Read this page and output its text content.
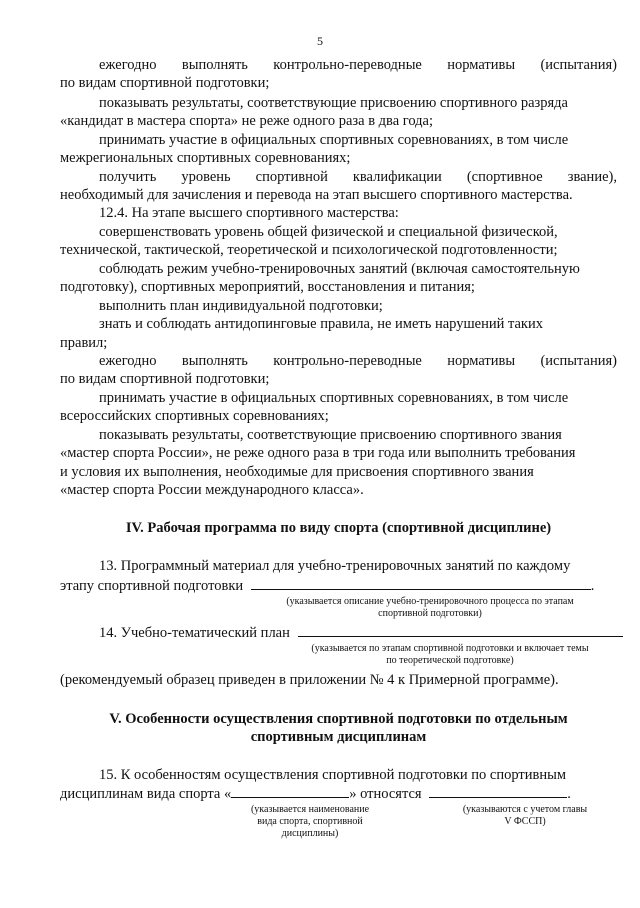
5
ежегодно выполнять контрольно-переводные нормативы (испытания)
по видам спортивной подготовки;
показывать результаты, соответствующие присвоению спортивного разряда
«кандидат в мастера спорта» не реже одного раза в два года;
принимать участие в официальных спортивных соревнованиях, в том числе
межрегиональных спортивных соревнованиях;
получить уровень спортивной квалификации (спортивное звание),
необходимый для зачисления и перевода на этап высшего спортивного мастерства.
12.4. На этапе высшего спортивного мастерства:
совершенствовать уровень общей физической и специальной физической,
технической, тактической, теоретической и психологической подготовленности;
соблюдать режим учебно-тренировочных занятий (включая самостоятельную
подготовку), спортивных мероприятий, восстановления и питания;
выполнить план индивидуальной подготовки;
знать и соблюдать антидопинговые правила, не иметь нарушений таких
правил;
ежегодно выполнять контрольно-переводные нормативы (испытания)
по видам спортивной подготовки;
принимать участие в официальных спортивных соревнованиях, в том числе
всероссийских спортивных соревнованиях;
показывать результаты, соответствующие присвоению спортивного звания
«мастер спорта России», не реже одного раза в три года или выполнить требования
и условия их выполнения, необходимые для присвоения спортивного звания
«мастер спорта России международного класса».
IV. Рабочая программа по виду спорта (спортивной дисциплине)
13. Программный материал для учебно-тренировочных занятий по каждому
этапу спортивной подготовки	.
(указывается описание учебно-тренировочного процесса по этапам
спортивной подготовки)
14. Учебно-тематический план
(указывается по этапам спортивной подготовки и включает темы
по теоретической подготовке)
(рекомендуемый образец приведен в приложении № 4 к Примерной программе).
V. Особенности осуществления спортивной подготовки по отдельным
спортивным дисциплинам
15. К особенностям осуществления спортивной подготовки по спортивным
дисциплинам вида спорта «	» относятся	.
(указывается наименование
вида спорта, спортивной
дисциплины)
(указываются с учетом главы
V ФССП)
